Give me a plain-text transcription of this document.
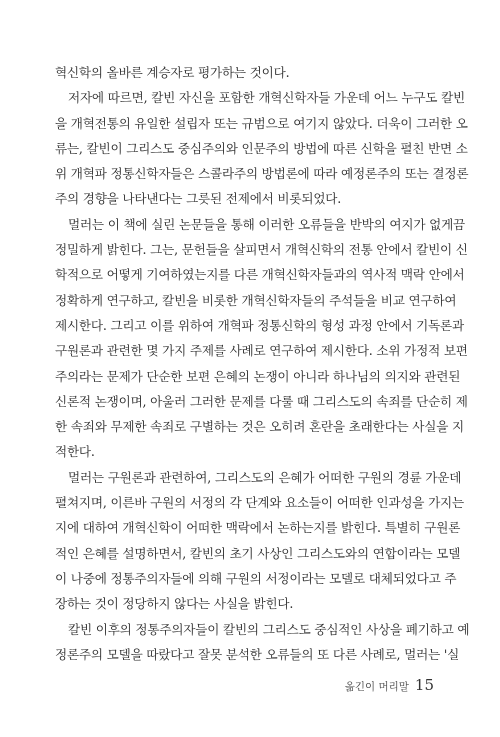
혁신학의 올바른 계승자로 평가하는 것이다.
저자에 따르면, 칼빈 자신을 포함한 개혁신학자들 가운데 어느 누구도 칼빈
을 개혁전통의 유일한 설립자 또는 규범으로 여기지 않았다. 더욱이 그러한 오
류는, 칼빈이 그리스도 중심주의와 인문주의 방법에 따른 신학을 펼친 반면 소
위 개혁파 정통신학자들은 스콜라주의 방법론에 따라 예정론주의 또는 결정론
주의 경향을 나타낸다는 그릇된 전제에서 비롯되었다.
멀러는 이 책에 실린 논문들을 통해 이러한 오류들을 반박의 여지가 없게끔
정밀하게 밝힌다. 그는, 문헌들을 살피면서 개혁신학의 전통 안에서 칼빈이 신
학적으로 어떻게 기여하였는지를 다른 개혁신학자들과의 역사적 맥락 안에서
정확하게 연구하고, 칼빈을 비롯한 개혁신학자들의 주석들을 비교 연구하여
제시한다. 그리고 이를 위하여 개혁파 정통신학의 형성 과정 안에서 기독론과
구원론과 관련한 몇 가지 주제를 사례로 연구하여 제시한다. 소위 가정적 보편
주의라는 문제가 단순한 보편 은혜의 논쟁이 아니라 하나님의 의지와 관련된
신론적 논쟁이며, 아울러 그러한 문제를 다룰 때 그리스도의 속죄를 단순히 제
한 속죄와 무제한 속죄로 구별하는 것은 오히려 혼란을 초래한다는 사실을 지
적한다.
멀러는 구원론과 관련하여, 그리스도의 은혜가 어떠한 구원의 경륜 가운데
펼쳐지며, 이른바 구원의 서정의 각 단계와 요소들이 어떠한 인과성을 가지는
지에 대하여 개혁신학이 어떠한 맥락에서 논하는지를 밝힌다. 특별히 구원론
적인 은혜를 설명하면서, 칼빈의 초기 사상인 그리스도와의 연합이라는 모델
이 나중에 정통주의자들에 의해 구원의 서정이라는 모델로 대체되었다고 주
장하는 것이 정당하지 않다는 사실을 밝힌다.
칼빈 이후의 정통주의자들이 칼빈의 그리스도 중심적인 사상을 폐기하고 예
정론주의 모델을 따랐다고 잘못 분석한 오류들의 또 다른 사례로, 멀러는 '실
옮긴이 머리말 15
